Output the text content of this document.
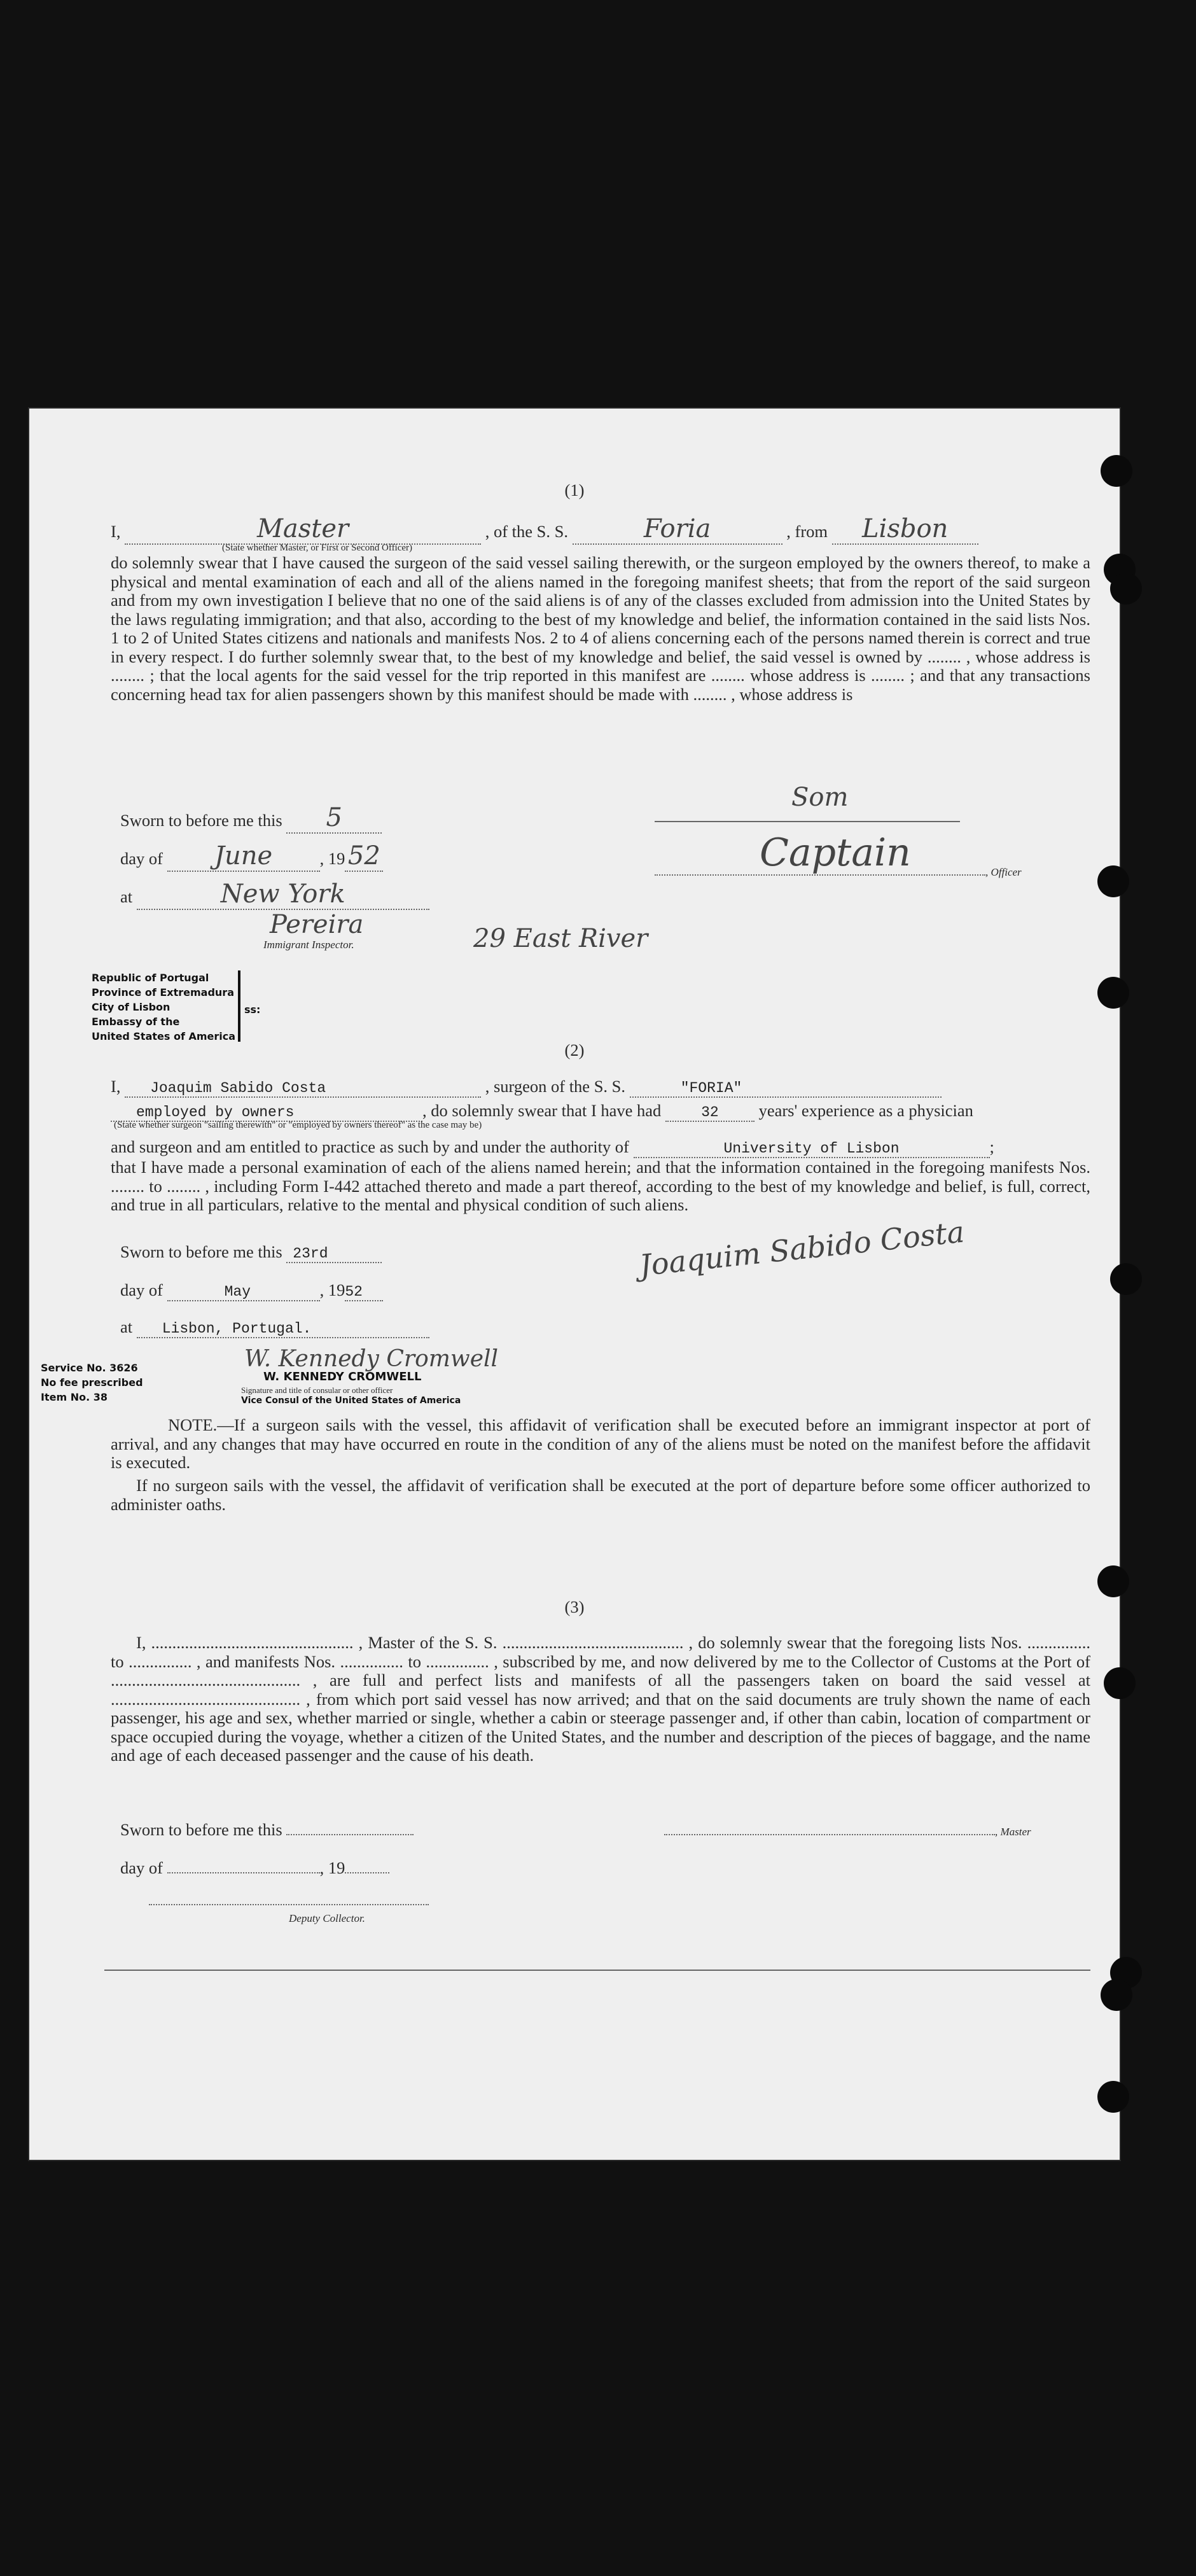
(1)
I,	Master	, of the S. S.	Foria	, from Lisbon
(State whether Master, or First or Second Officer)
do solemnly swear that I have caused the surgeon of the said vessel sailing therewith, or the surgeon employed by the owners thereof, to make a physical and mental examination of each and all of the aliens named in the foregoing manifest sheets; that from the report of the said surgeon and from my own investigation I believe that no one of the said aliens is of any of the classes excluded from admission into the United States by the laws regulating immigration; and that also, according to the best of my knowledge and belief, the information contained in the said lists Nos. 1 to 2 of United States citizens and nationals and manifests Nos. 2 to 4 of aliens concerning each of the persons named therein is correct and true in every respect. I do further solemnly swear that, to the best of my knowledge and belief, the said vessel is owned by ........ , whose address is ........ ; that the local agents for the said vessel for the trip reported in this manifest are ........ whose address is ........ ; and that any transactions concerning head tax for alien passengers shown by this manifest should be made with ........ , whose address is
Sworn to before me this 5
day of June	, 19 52
at	New York
Pereira
Immigrant Inspector.	29 East River
Som
Captain	, Officer
Republic of Portugal
Province of Extremadura
City of Lisbon
Embassy of the
United States of America
ss:
(2)
I, Joaquim Sabido Costa	, surgeon of the S. S.	"FORIA"
employed by owners	, do solemnly swear that I have had	32 years' experience as a physician
(State whether surgeon "sailing therewith" or "employed by owners thereof" as the case may be)
and surgeon and am entitled to practice as such by and under the authority of	University of Lisbon	;
that I have made a personal examination of each of the aliens named herein; and that the information contained in the foregoing manifests Nos. ........ to ........ , including Form I-442 attached thereto and made a part thereof, according to the best of my knowledge and belief, is full, correct, and true in all particulars, relative to the mental and physical condition of such aliens.
Sworn to before me this 23rd
day of	May	, 1952
at Lisbon, Portugal.
Joaquim Sabido Costa
Service No. 3626
No fee prescribed
Item No. 38
W. Kennedy Cromwell
W. KENNEDY CROMWELL
Signature and title of consular or other officer
Vice Consul of the United States of America
NOTE.—If a surgeon sails with the vessel, this affidavit of verification shall be executed before an immigrant inspector at port of arrival, and any changes that may have occurred en route in the condition of any of the aliens must be noted on the manifest before the affidavit is executed.
If no surgeon sails with the vessel, the affidavit of verification shall be executed at the port of departure before some officer authorized to administer oaths.
(3)
I, ................................................ , Master of the S. S. ........................................... , do solemnly swear that the foregoing lists Nos. ............... to ............... , and manifests Nos. ............... to ............... , subscribed by me, and now delivered by me to the Collector of Customs at the Port of ............................................. , are full and perfect lists and manifests of all the passengers taken on board the said vessel at ............................................. , from which port said vessel has now arrived; and that on the said documents are truly shown the name of each passenger, his age and sex, whether married or single, whether a cabin or steerage passenger and, if other than cabin, location of compartment or space occupied during the voyage, whether a citizen of the United States, and the number and description of the pieces of baggage, and the name and age of each deceased passenger and the cause of his death.
Sworn to before me this	, Master
day of	, 19
Deputy Collector.
